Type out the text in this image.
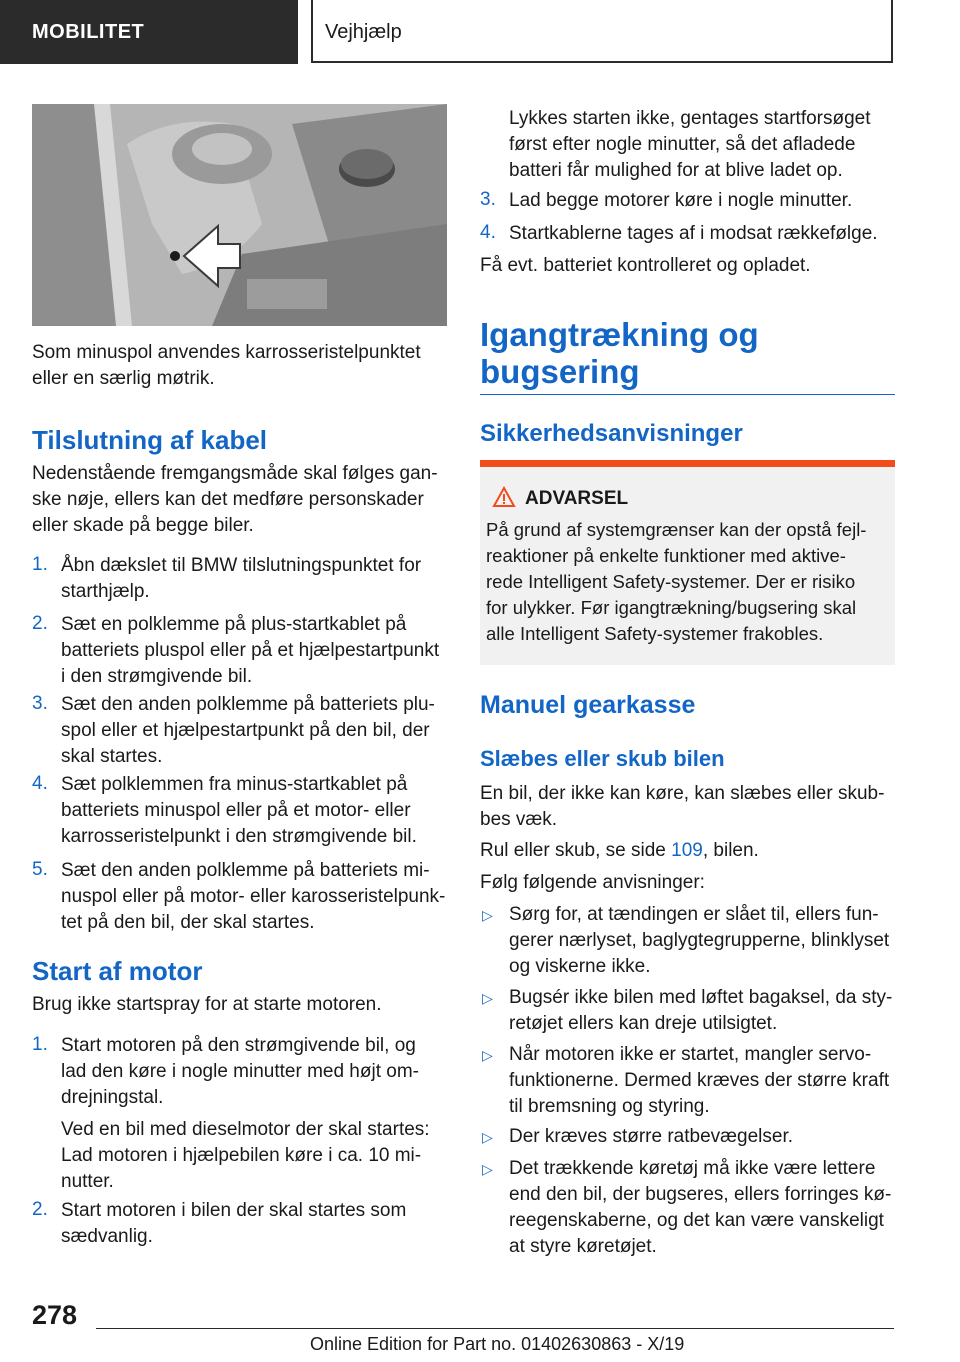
MOBILITET	Vejhjælp

Som minuspol anvendes karrosseristelpunktet
eller en særlig møtrik.

Tilslutning af kabel

Nedenstående fremgangsmåde skal følges gan-
ske nøje, ellers kan det medføre personskader
eller skade på begge biler.

1. Åbn dækslet til BMW tilslutningspunktet for
starthjælp.

2. Sæt en polklemme på plus-startkablet på
batteriets pluspol eller på et hjælpestartpunkt
i den strømgivende bil.

3. Sæt den anden polklemme på batteriets plu-
spol eller et hjælpestartpunkt på den bil, der
skal startes.

4. Sæt polklemmen fra minus-startkablet på
batteriets minuspol eller på et motor- eller
karrosseristelpunkt i den strømgivende bil.

5. Sæt den anden polklemme på batteriets mi-
nuspol eller på motor- eller karosseristelpunk-
tet på den bil, der skal startes.

Start af motor

Brug ikke startspray for at starte motoren.

1. Start motoren på den strømgivende bil, og
lad den køre i nogle minutter med højt om-
drejningstal.

Ved en bil med dieselmotor der skal startes:
Lad motoren i hjælpebilen køre i ca. 10 mi-
nutter.

2. Start motoren i bilen der skal startes som
sædvanlig.

Lykkes starten ikke, gentages startforsøget
først efter nogle minutter, så det afladede
batteri får mulighed for at blive ladet op.

3. Lad begge motorer køre i nogle minutter.

4. Startkablerne tages af i modsat rækkefølge.

Få evt. batteriet kontrolleret og opladet.

Igangtrækning og
bugsering
Sikkerhedsanvisninger
ADVARSEL

På grund af systemgrænser kan der opstå fejl-
reaktioner på enkelte funktioner med aktive-
rede Intelligent Safety-systemer. Der er risiko
for ulykker. Før igangtrækning/bugsering skal
alle Intelligent Safety-systemer frakobles.

Manuel gearkasse
Slæbes eller skub bilen

En bil, der ikke kan køre, kan slæbes eller skub-
bes væk.

Rul eller skub, se side 109, bilen.

Følg følgende anvisninger:

▷ Sørg for, at tændingen er slået til, ellers fun-
gerer nærlyset, baglygtegrupperne, blinklyset
og viskerne ikke.

▷ Bugsér ikke bilen med løftet bagaksel, da sty-
retøjet ellers kan dreje utilsigtet.

▷ Når motoren ikke er startet, mangler servo-
funktionerne. Dermed kræves der større kraft
til bremsning og styring.

▷ Der kræves større ratbevægelser.

▷ Det trækkende køretøj må ikke være lettere
end den bil, der bugseres, ellers forringes kø-
reegenskaberne, og det kan være vanskeligt
at styre køretøjet.

278
Online Edition for Part no. 01402630863 - X/19
